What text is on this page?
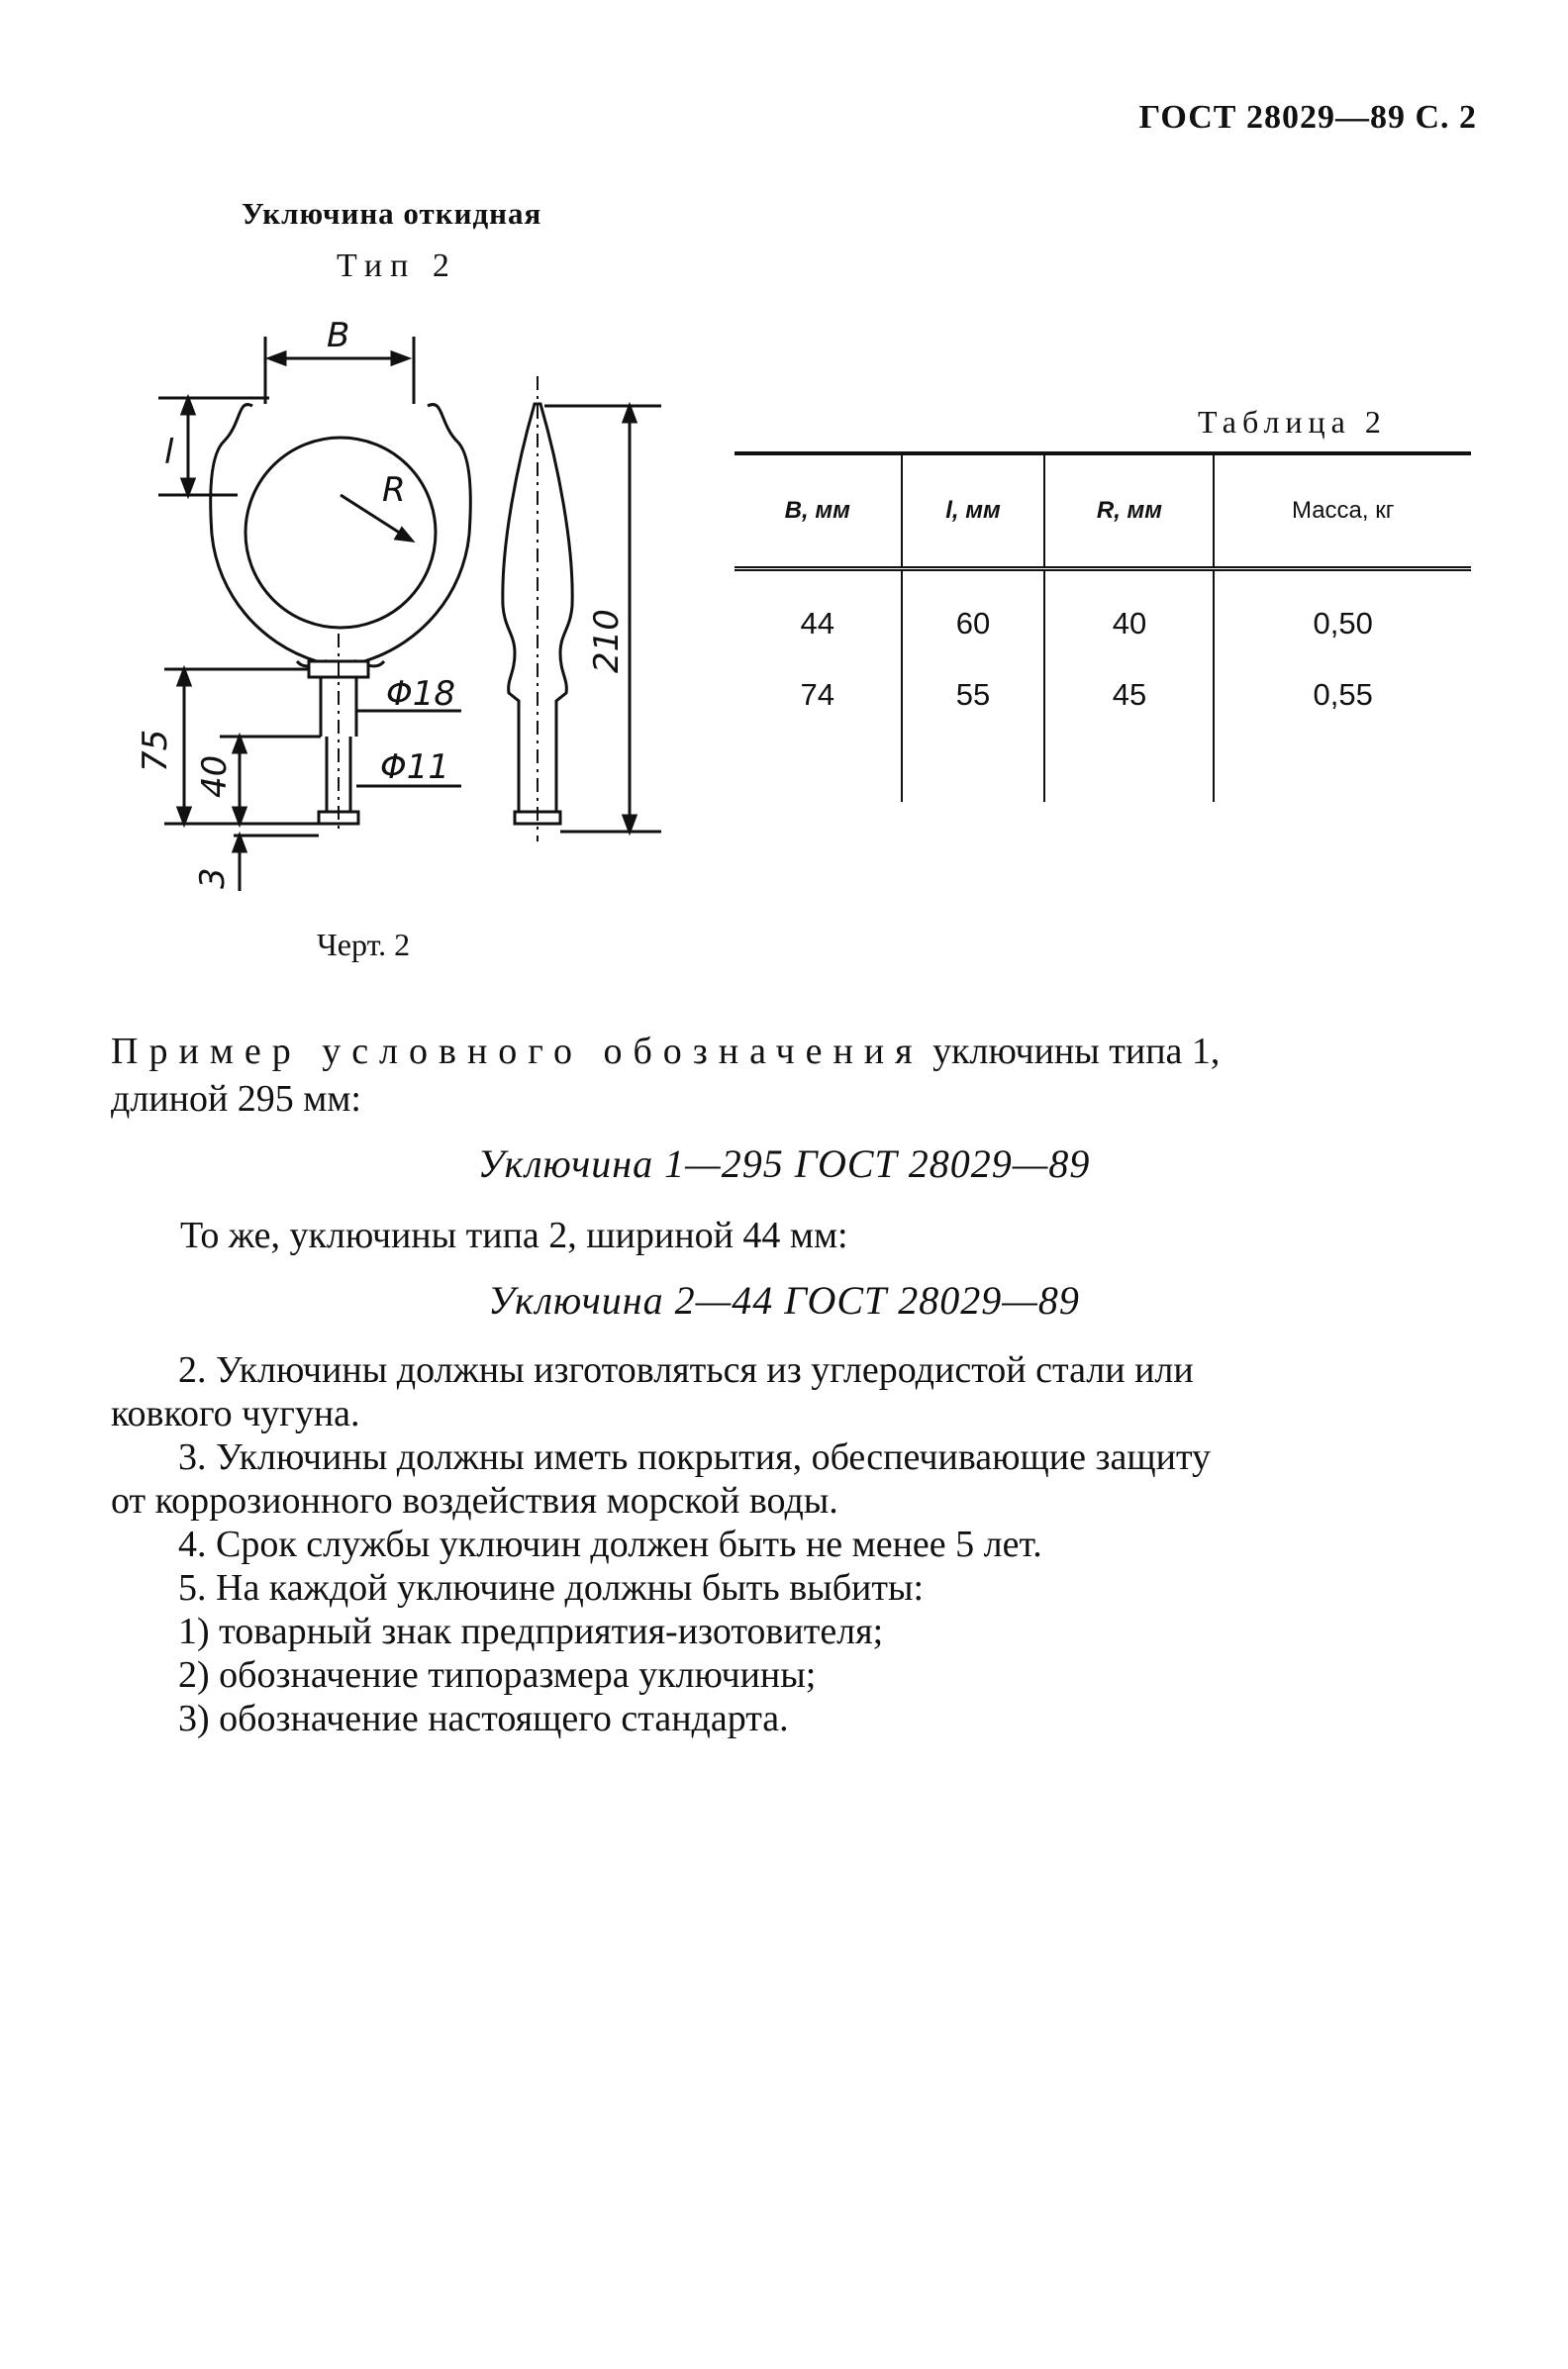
ГОСТ 28029—89 С. 2
Уключина откидная
Тип 2
B
l
R
Φ18
Φ11
75
40
3
210
Черт. 2
Таблица 2
B, мм	l, мм	R, мм	Масса, кг
44	60	40	0,50
74	55	45	0,55

Пример условного обозначения уключины типа 1,
длиной 295 мм:
Уключина 1—295 ГОСТ 28029—89
То же, уключины типа 2, шириной 44 мм:
Уключина 2—44 ГОСТ 28029—89
2. Уключины должны изготовляться из углеродистой стали или
ковкого чугуна.
3. Уключины должны иметь покрытия, обеспечивающие защиту
от коррозионного воздействия морской воды.
4. Срок службы уключин должен быть не менее 5 лет.
5. На каждой уключине должны быть выбиты:
1) товарный знак предприятия-изотовителя;
2) обозначение типоразмера уключины;
3) обозначение настоящего стандарта.
